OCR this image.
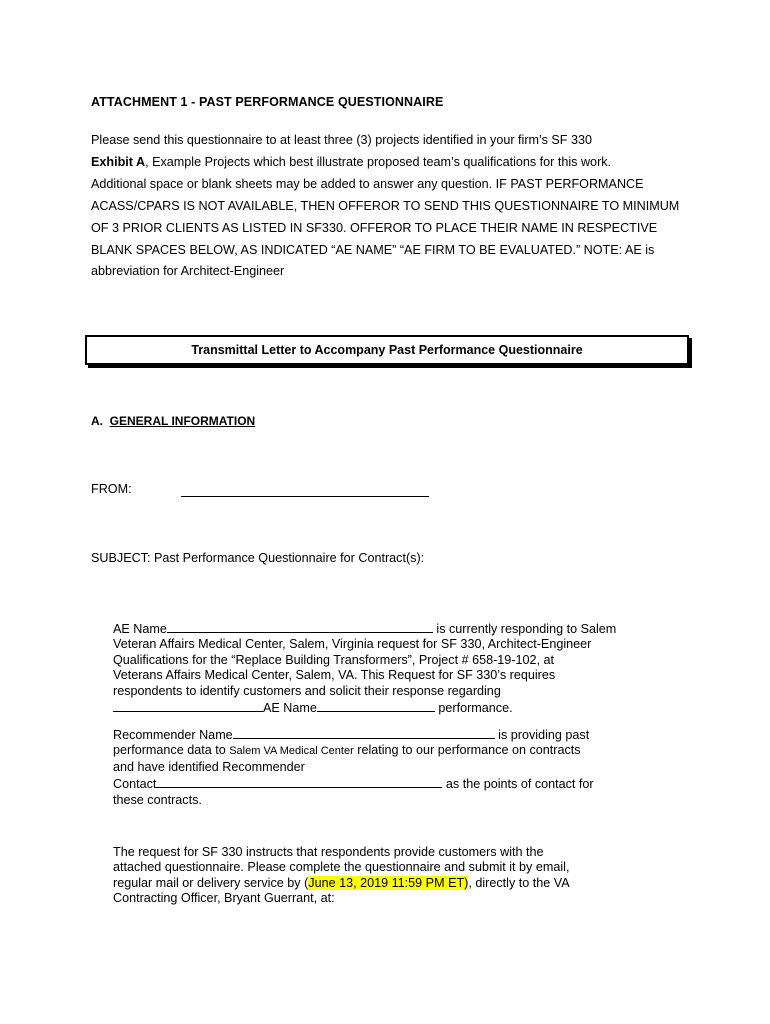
ATTACHMENT 1 - PAST PERFORMANCE QUESTIONNAIRE
Please send this questionnaire to at least three (3) projects identified in your firm’s SF 330
Exhibit A, Example Projects which best illustrate proposed team’s qualifications for this work.
Additional space or blank sheets may be added to answer any question. IF PAST PERFORMANCE
ACASS/CPARS IS NOT AVAILABLE, THEN OFFEROR TO SEND THIS QUESTIONNAIRE TO MINIMUM
OF 3 PRIOR CLIENTS AS LISTED IN SF330. OFFEROR TO PLACE THEIR NAME IN RESPECTIVE
BLANK SPACES BELOW, AS INDICATED “AE NAME” “AE FIRM TO BE EVALUATED.” NOTE: AE is
abbreviation for Architect-Engineer
Transmittal Letter to Accompany Past Performance Questionnaire
A. GENERAL INFORMATION
FROM:
SUBJECT: Past Performance Questionnaire for Contract(s):
AE Name	is currently responding to Salem
Veteran Affairs Medical Center, Salem, Virginia request for SF 330, Architect-Engineer
Qualifications for the “Replace Building Transformers”, Project # 658-19-102, at
Veterans Affairs Medical Center, Salem, VA. This Request for SF 330’s requires
respondents to identify customers and solicit their response regarding
AE Name	performance.
Recommender Name	is providing past
performance data to Salem VA Medical Center relating to our performance on contracts
and have identified Recommender
Contact	as the points of contact for
these contracts.
The request for SF 330 instructs that respondents provide customers with the
attached questionnaire. Please complete the questionnaire and submit it by email,
regular mail or delivery service by (June 13, 2019 11:59 PM ET), directly to the VA
Contracting Officer, Bryant Guerrant, at:
